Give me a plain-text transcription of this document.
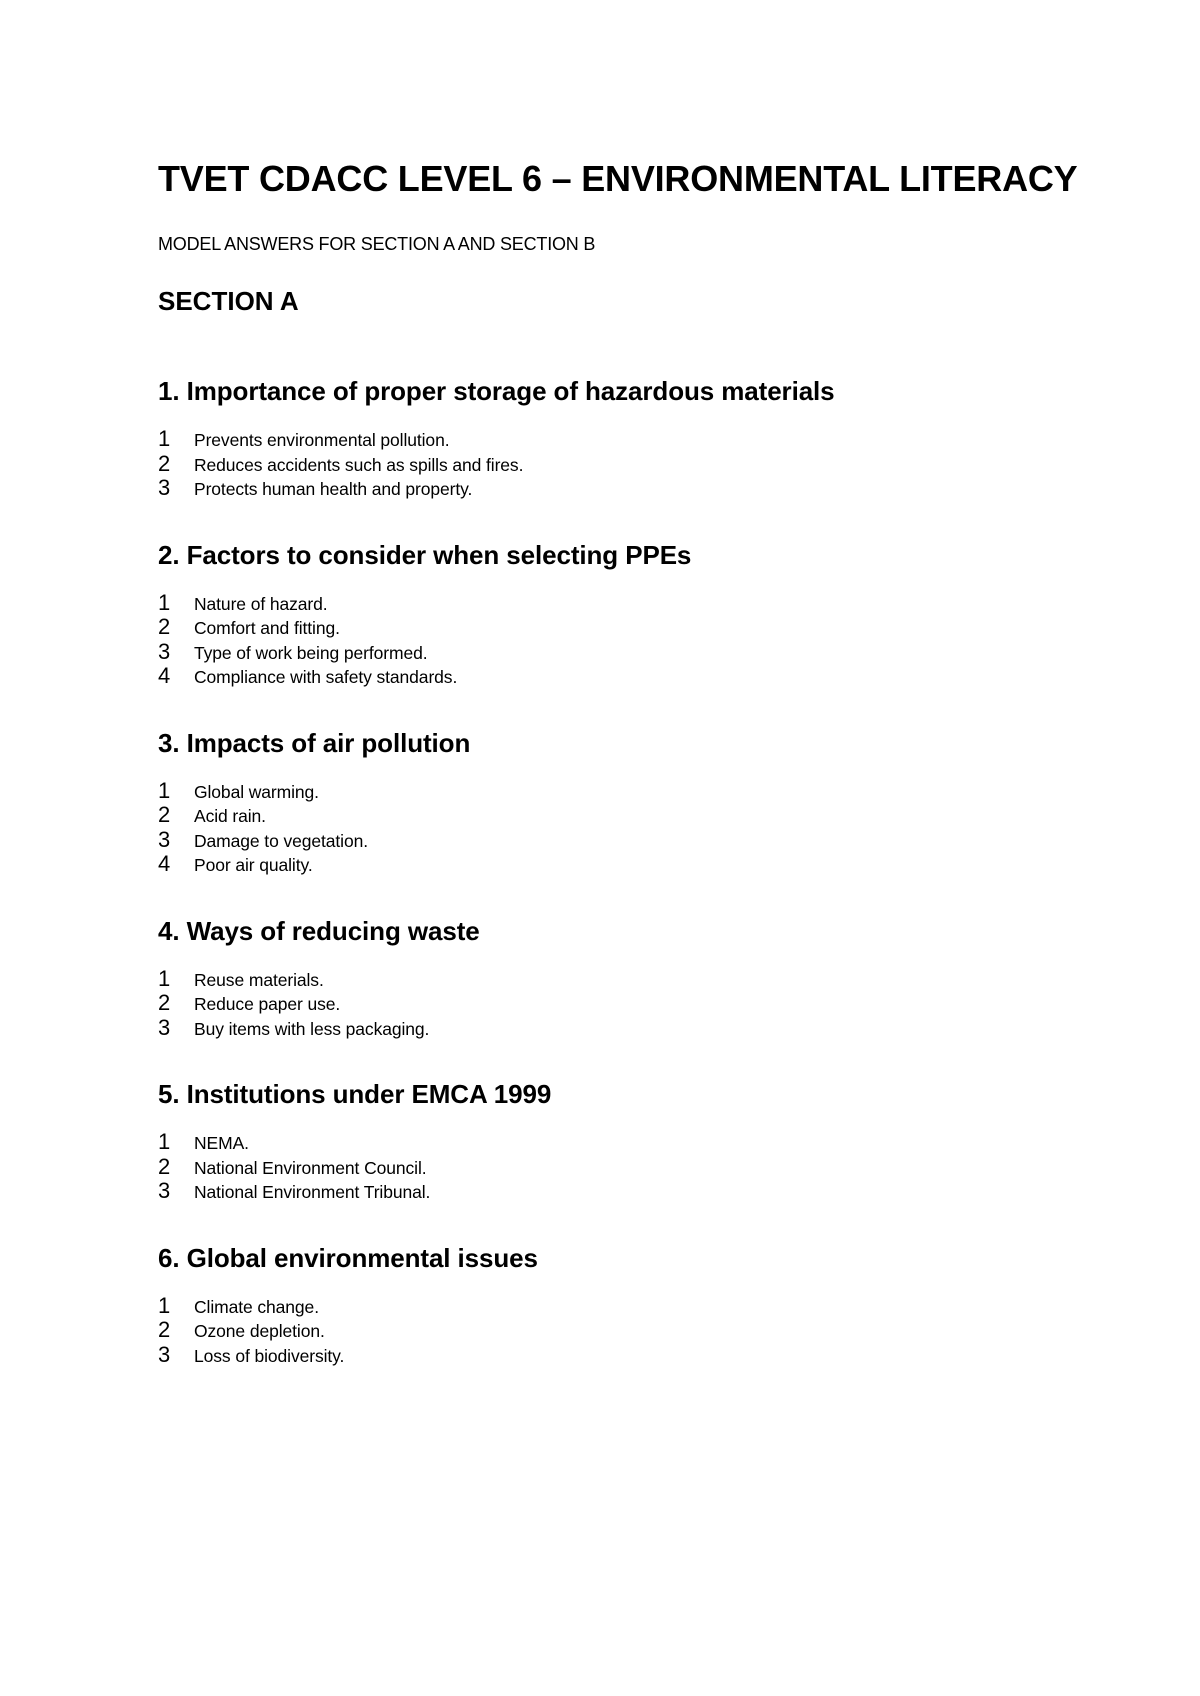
TVET CDACC LEVEL 6 – ENVIRONMENTAL LITERACY

MODEL ANSWERS FOR SECTION A AND SECTION B

SECTION A
1. Importance of proper storage of hazardous materials
1	Prevents environmental pollution.
2	Reduces accidents such as spills and fires.
3	Protects human health and property.
2. Factors to consider when selecting PPEs
1	Nature of hazard.
2	Comfort and fitting.
3	Type of work being performed.
4	Compliance with safety standards.
3. Impacts of air pollution
1	Global warming.
2	Acid rain.
3	Damage to vegetation.
4	Poor air quality.
4. Ways of reducing waste
1	Reuse materials.
2	Reduce paper use.
3	Buy items with less packaging.
5. Institutions under EMCA 1999
1	NEMA.
2	National Environment Council.
3	National Environment Tribunal.
6. Global environmental issues
1	Climate change.
2	Ozone depletion.
3	Loss of biodiversity.
